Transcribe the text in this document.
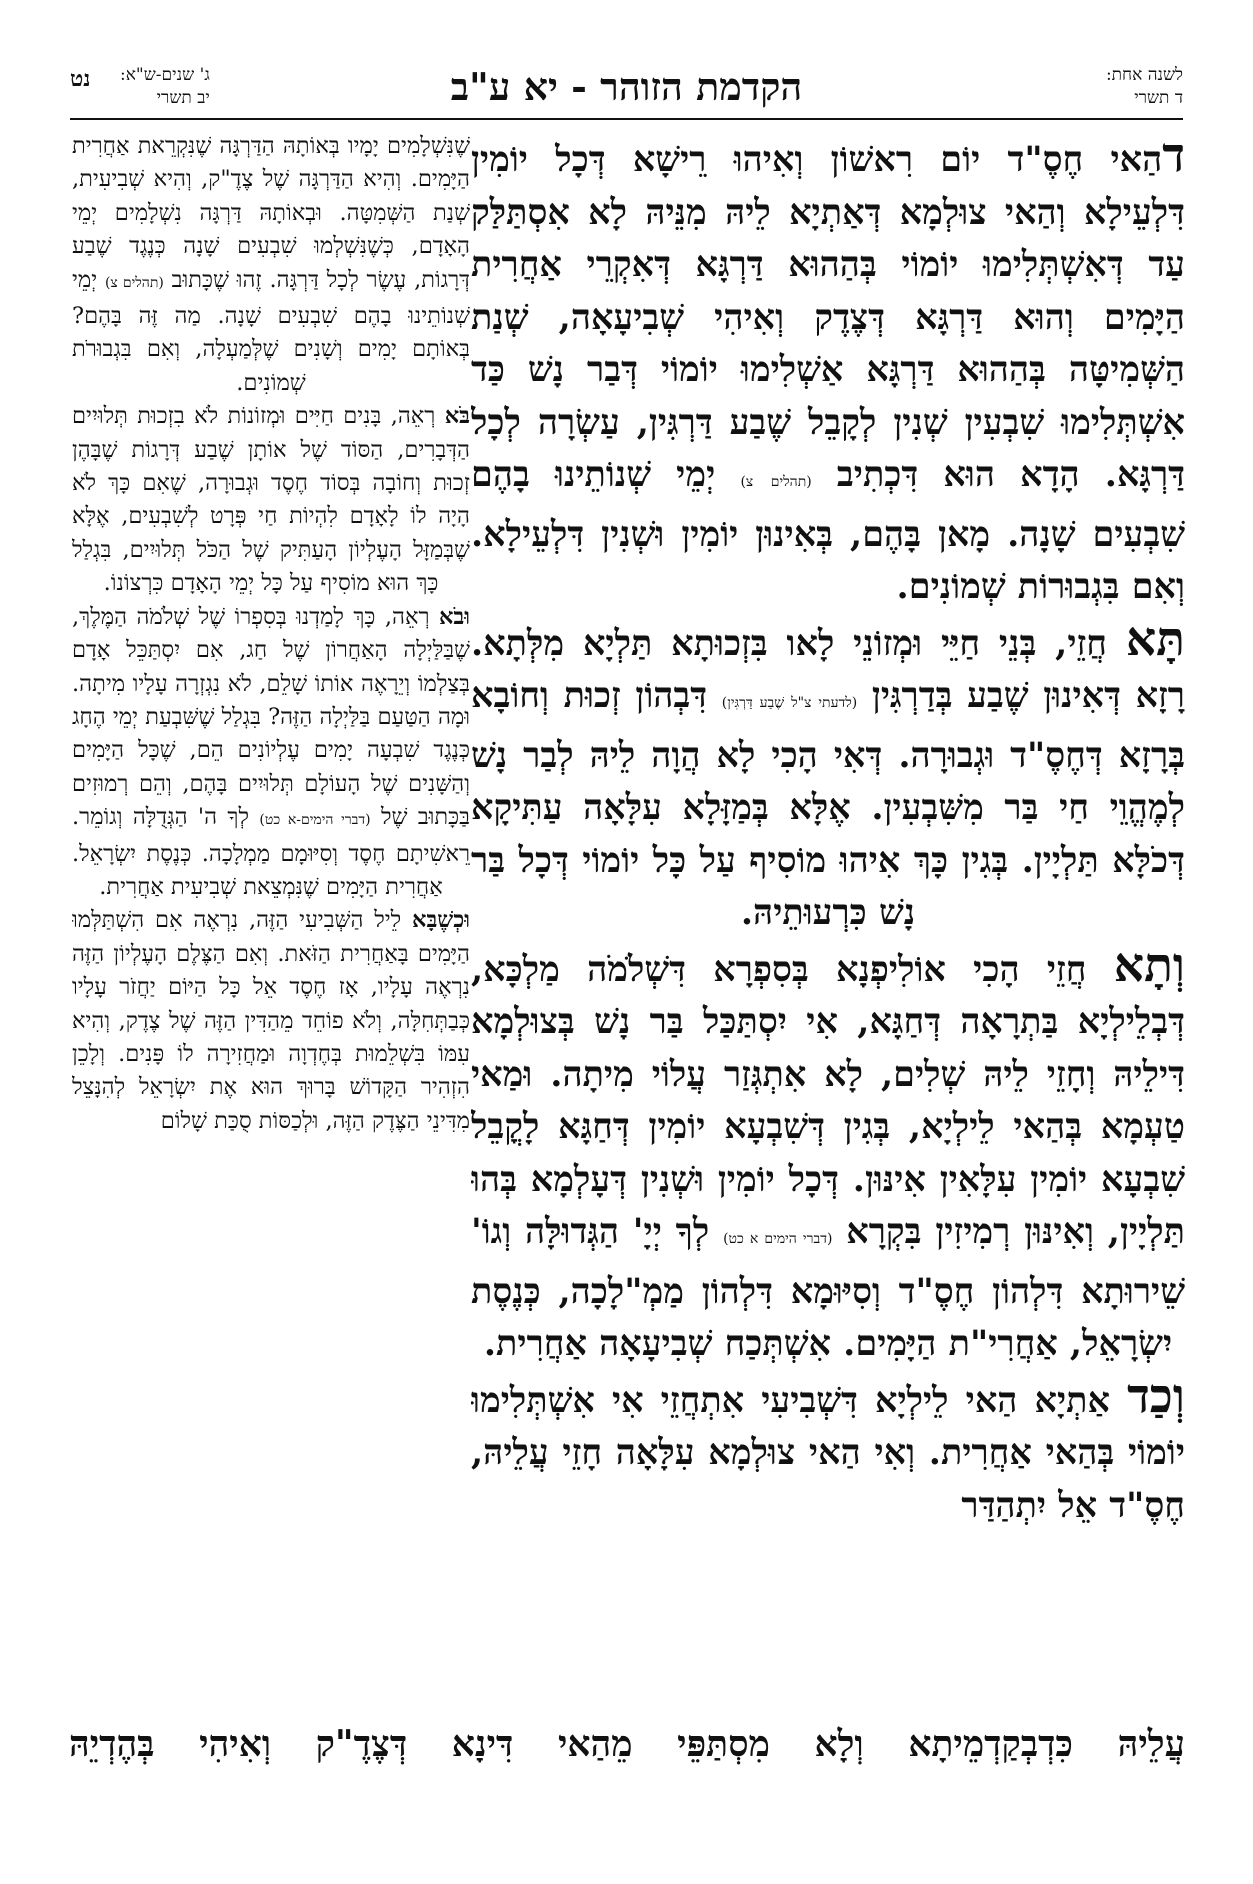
לשנה אחת:
ד תשרי
הקדמת הזוהר - יא ע"ב
ג' שנים-ש"א:
יב תשרי
נט

דהַאי חֶסֶ"ד יוֹם רִאשׁוֹן וְאִיהוּ רֵישָׁא דְּכָל יוֹמִין דִּלְעֵילָא וְהַאי צוּלְמָא דְּאַתְיָא לֵיהּ מִנֵּיהּ לָא אִסְתַּלַּק עַד דְּאִשְׁתְּלִימוּ יוֹמוֹי בְּהַהוּא דַּרְגָּא דְּאִקְרֵי אַחֲרִית הַיָּמִים וְהוּא דַּרְגָּא דְּצֶדֶק וְאִיהִי שְׁבִיעָאָה, שְׁנַת הַשְּׁמִיטָּה בְּהַהוּא דַּרְגָּא אַשְׁלִימוּ יוֹמוֹי דְּבַר נָשׁ כַּד אִשְׁתְּלִימוּ שִׁבְעִין שְׁנִין לְקָבֵל שֶׁבַע דַּרְגִּין, עַשְׂרָה לְכָל דַּרְגָּא. הָדָא הוּא דִּכְתִיב (תהלים צ) יְמֵי שְׁנוֹתֵינוּ בָהֶם שִׁבְעִים שָׁנָה. מָאן בָּהֶם, בְּאִינוּן יוֹמִין וּשְׁנִין דִּלְעֵילָא. וְאִם בִּגְבוּרוֹת שְׁמוֹנִים.

תָּא חֲזֵי, בְּנֵי חַיֵּי וּמְזוֹנֵי לָאו בִּזְכוּתָא תַּלְיָא מִלְּתָא. רָזָא דְּאִינוּן שֶׁבַע בְּדַרְגִּין (לדעתי צ"ל שֶׁבַע דַּרְגִּין) דִּבְהוֹן זְכוּת וְחוֹבָא בְּרָזָא דְּחֶסֶ"ד וּגְבוּרָה. דְּאִי הָכִי לָא הֲוָה לֵיהּ לְבַר נָשׁ לְמֶהֱוֵי חַי בַּר מִשִּׁבְעִין. אֶלָּא בְּמַזָּלָא עִלָּאָה עַתִּיקָא דְּכֹלָּא תַּלְיָין. בְּגִין כָּךְ אִיהוּ מוֹסִיף עַל כָּל יוֹמוֹי דְּכָל בַּר נָשׁ כִּרְעוּתֵיהּ.

וְתָא חֲזֵי הָכִי אוֹלִיפְנָא בְּסִפְרָא דִּשְׁלֹמֹה מַלְכָּא, דְּבְלֵילְיָא בַּתְרָאָה דְּחַגָּא, אִי יִסְתַּכַּל בַּר נָשׁ בְּצוּלְמָא דִּילֵיהּ וְחָזֵי לֵיהּ שְׁלִים, לָא אִתְגְּזַר עֲלוֹי מִיתָה. וּמַאי טַעְמָא בְּהַאי לֵילְיָא, בְּגִין דְּשִׁבְעָא יוֹמִין דְּחַגָּא לָקֳבֵל שִׁבְעָא יוֹמִין עִלָּאִין אִינּוּן. דְּכָל יוֹמִין וּשְׁנִין דְּעָלְמָא בְּהוּ תַּלְיָין, וְאִינּוּן רְמִיזִין בִּקְרָא (דברי הימים א כט) לְךָ יְיָ' הַגְּדוּלָּה וְגוֹ' שֵׁירוּתָא דִּלְהוֹן חֶסֶ"ד וְסִיּוּמָא דִּלְהוֹן מַמְ"לָכָה, כְּנֶסֶת יִשְׂרָאֵל, אַחֲרִי"ת הַיָּמִים. אִשְׁתְּכַח שְׁבִיעָאָה אַחֲרִית.

וְכַד אַתְיָא הַאי לֵילְיָא דִּשְׁבִיעִי אִתְחֲזֵי אִי אִשְׁתְּלִימוּ יוֹמוֹי בְּהַאי אַחֲרִית. וְאִי הַאי צוּלְמָא עִלָּאָה חָזֵי עֲלֵיהּ, חֶסֶ"ד אֵל יִתְהַדַּר

שֶׁנִּשְׁלָמִים יָמָיו בְּאוֹתָהּ הַדַּרְגָּה שֶׁנִּקְרֵאת אַחֲרִית הַיָּמִים. וְהִיא הַדַּרְגָּה שֶׁל צֶדֶ"ק, וְהִיא שְׁבִיעִית, שְׁנַת הַשְּׁמִטָּה. וּבְאוֹתָהּ דַּרְגָּה נִשְׁלָמִים יְמֵי הָאָדָם, כְּשֶׁנִּשְׁלְמוּ שִׁבְעִים שָׁנָה כְּנֶגֶד שֶׁבַע דְּרָגוֹת, עֶשֶׂר לְכָל דַּרְגָּה. זֶהוּ שֶׁכָּתוּב (תהלים צ) יְמֵי שְׁנוֹתֵינוּ בָהֶם שִׁבְעִים שָׁנָה. מַה זֶּה בָּהֶם? בְּאוֹתָם יָמִים וְשָׁנִים שֶׁלְּמַעְלָה, וְאִם בִּגְבוּרֹת שְׁמוֹנִים.

בֹּא רְאֵה, בָּנִים חַיִּים וּמְזוֹנוֹת לֹא בִזְכוּת תְּלוּיִים הַדְּבָרִים, הַסּוֹד שֶׁל אוֹתָן שֶׁבַע דְּרָגוֹת שֶׁבָּהֶן זְכוּת וְחוֹבָה בְּסוֹד חֶסֶד וּגְבוּרָה, שֶׁאִם כָּךְ לֹא הָיָה לוֹ לָאָדָם לִהְיוֹת חַי פְּרָט לְשִׁבְעִים, אֶלָּא שֶׁבְּמַזָּל הָעֶלְיוֹן הָעַתִּיק שֶׁל הַכֹּל תְּלוּיִים, בִּגְלַל כָּךְ הוּא מוֹסִיף עַל כָּל יְמֵי הָאָדָם כִּרְצוֹנוֹ.

וּבֹא רְאֵה, כָּךְ לָמַדְנוּ בְּסִפְרוֹ שֶׁל שְׁלֹמֹה הַמֶּלֶךְ, שֶׁבַּלַּיְלָה הָאַחֲרוֹן שֶׁל חַג, אִם יִסְתַּכֵּל אָדָם בְּצַלְמוֹ וְיֵרָאֶה אוֹתוֹ שָׁלֵם, לֹא נִגְזְרָה עָלָיו מִיתָה. וּמָה הַטַּעַם בַּלַּיְלָה הַזֶּה? בִּגְלַל שֶׁשִּׁבְעַת יְמֵי הֶחָג כְּנֶגֶד שִׁבְעָה יָמִים עֶלְיוֹנִים הֵם, שֶׁכָּל הַיָּמִים וְהַשָּׁנִים שֶׁל הָעוֹלָם תְּלוּיִים בָּהֶם, וְהֵם רְמוּזִים בַּכָּתוּב שֶׁל (דברי הימים-א כט) לְךָ ה' הַגְּדֻלָּה וְגוֹמֵר. רֵאשִׁיתָם חֶסֶד וְסִיּוּמָם מַמְלָכָה. כְּנֶסֶת יִשְׂרָאֵל. אַחֲרִית הַיָּמִים שֶׁנִּמְצֵאת שְׁבִיעִית אַחֲרִית.

וּכְשֶׁבָּא לֵיל הַשְּׁבִיעִי הַזֶּה, נִרְאֶה אִם הִשְׁתַּלְּמוּ הַיָּמִים בָּאַחֲרִית הַזֹּאת. וְאִם הַצֶּלֶם הָעֶלְיוֹן הַזֶּה נִרְאֶה עָלָיו, אָז חֶסֶד אֵל כָּל הַיּוֹם יַחֲזֹר עָלָיו כְּבַתְּחִלָּה, וְלֹא פוֹחֵד מֵהַדִּין הַזֶּה שֶׁל צֶדֶק, וְהִיא עִמּוֹ בִּשְׁלֵמוּת בְּחֶדְוָה וּמַחֲזִירָה לוֹ פָּנִים. וְלָכֵן הִזְהִיר הַקָּדוֹשׁ בָּרוּךְ הוּא אֶת יִשְׂרָאֵל לְהִנָּצֵל מִדִּינֵי הַצֶּדֶק הַזֶּה, וּלְכַסּוֹת סֻכַּת שָׁלוֹם

עֲלֵיהּ כִּדְבְקַדְמֵיתָא וְלָא מִסְתַּפֵּי מֵהַאי דִּינָא דְּצֶדֶ"ק וְאִיהִי בְּהֶדְיֵהּ
